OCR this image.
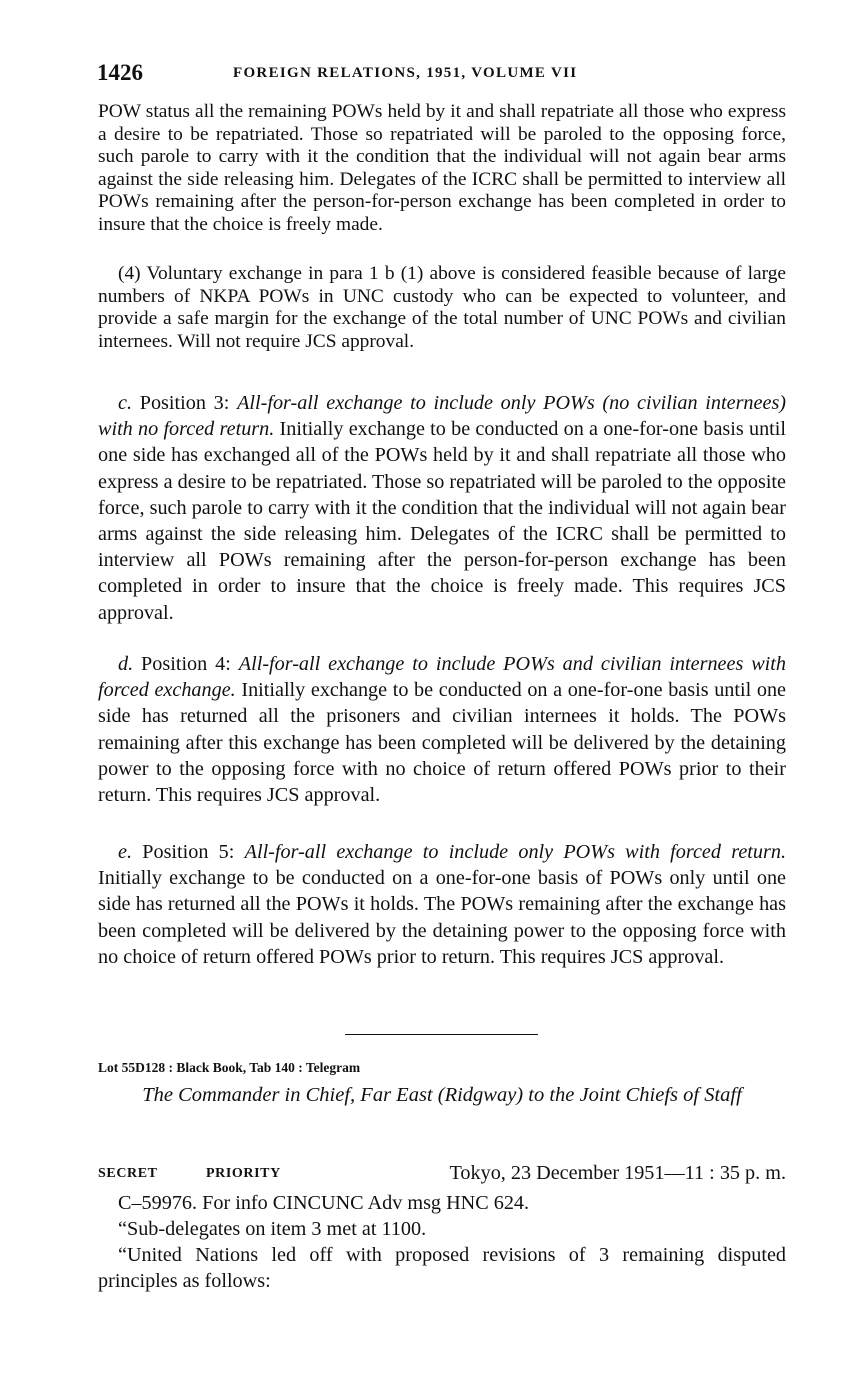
1426	FOREIGN RELATIONS, 1951, VOLUME VII

POW status all the remaining POWs held by it and shall repatriate all those who express a desire to be repatriated. Those so repatriated will be paroled to the opposing force, such parole to carry with it the condition that the individual will not again bear arms against the side releasing him. Delegates of the ICRC shall be permitted to interview all POWs remaining after the person-for-person exchange has been completed in order to insure that the choice is freely made.

(4) Voluntary exchange in para 1 b (1) above is considered feasible because of large numbers of NKPA POWs in UNC custody who can be expected to volunteer, and provide a safe margin for the exchange of the total number of UNC POWs and civilian internees. Will not require JCS approval.

c. Position 3: All-for-all exchange to include only POWs (no civilian internees) with no forced return. Initially exchange to be conducted on a one-for-one basis until one side has exchanged all of the POWs held by it and shall repatriate all those who express a desire to be repatriated. Those so repatriated will be paroled to the opposite force, such parole to carry with it the condition that the individual will not again bear arms against the side releasing him. Delegates of the ICRC shall be permitted to interview all POWs remaining after the person-for-person exchange has been completed in order to insure that the choice is freely made. This requires JCS approval.

d. Position 4: All-for-all exchange to include POWs and civilian internees with forced exchange. Initially exchange to be conducted on a one-for-one basis until one side has returned all the prisoners and civilian internees it holds. The POWs remaining after this exchange has been completed will be delivered by the detaining power to the opposing force with no choice of return offered POWs prior to their return. This requires JCS approval.

e. Position 5: All-for-all exchange to include only POWs with forced return. Initially exchange to be conducted on a one-for-one basis of POWs only until one side has returned all the POWs it holds. The POWs remaining after the exchange has been completed will be delivered by the detaining power to the opposing force with no choice of return offered POWs prior to return. This requires JCS approval.

Lot 55D128 : Black Book, Tab 140 : Telegram

The Commander in Chief, Far East (Ridgway) to the Joint Chiefs of Staff

SECRET	PRIORITY	Tokyo, 23 December 1951—11 : 35 p. m.

C–59976. For info CINCUNC Adv msg HNC 624.

“Sub-delegates on item 3 met at 1100.

“United Nations led off with proposed revisions of 3 remaining disputed principles as follows:
